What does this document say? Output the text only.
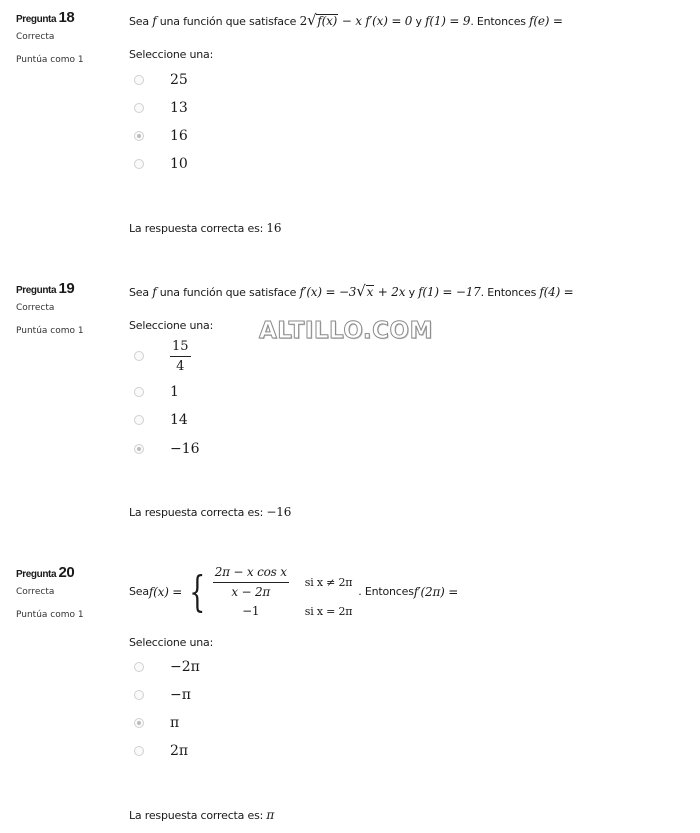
Pregunta 18
Correcta
Puntúa como 1
Sea f una función que satisface 2√f(x) − x f′(x) = 0 y f(1) = 9. Entonces f(e) =
Seleccione una:
25
13
16
10
La respuesta correcta es: 16
Pregunta 19
Correcta
Puntúa como 1
Sea f una función que satisface f′(x) = −3√x + 2x y f(1) = −17. Entonces f(4) =
Seleccione una:
$\frac{15}{4}$
1
14
−16
La respuesta correcta es: −16
ALTILLO.COM
Pregunta 20
Correcta
Puntúa como 1
Sea f(x) = { $\frac{\text{2π − x cos x}}{x - 2\pi}$ si x ≠ 2π
−1	si x = 2π
. Entonces f′(2π) =
Seleccione una:
−2π
−π
π
2π
La respuesta correcta es: π
